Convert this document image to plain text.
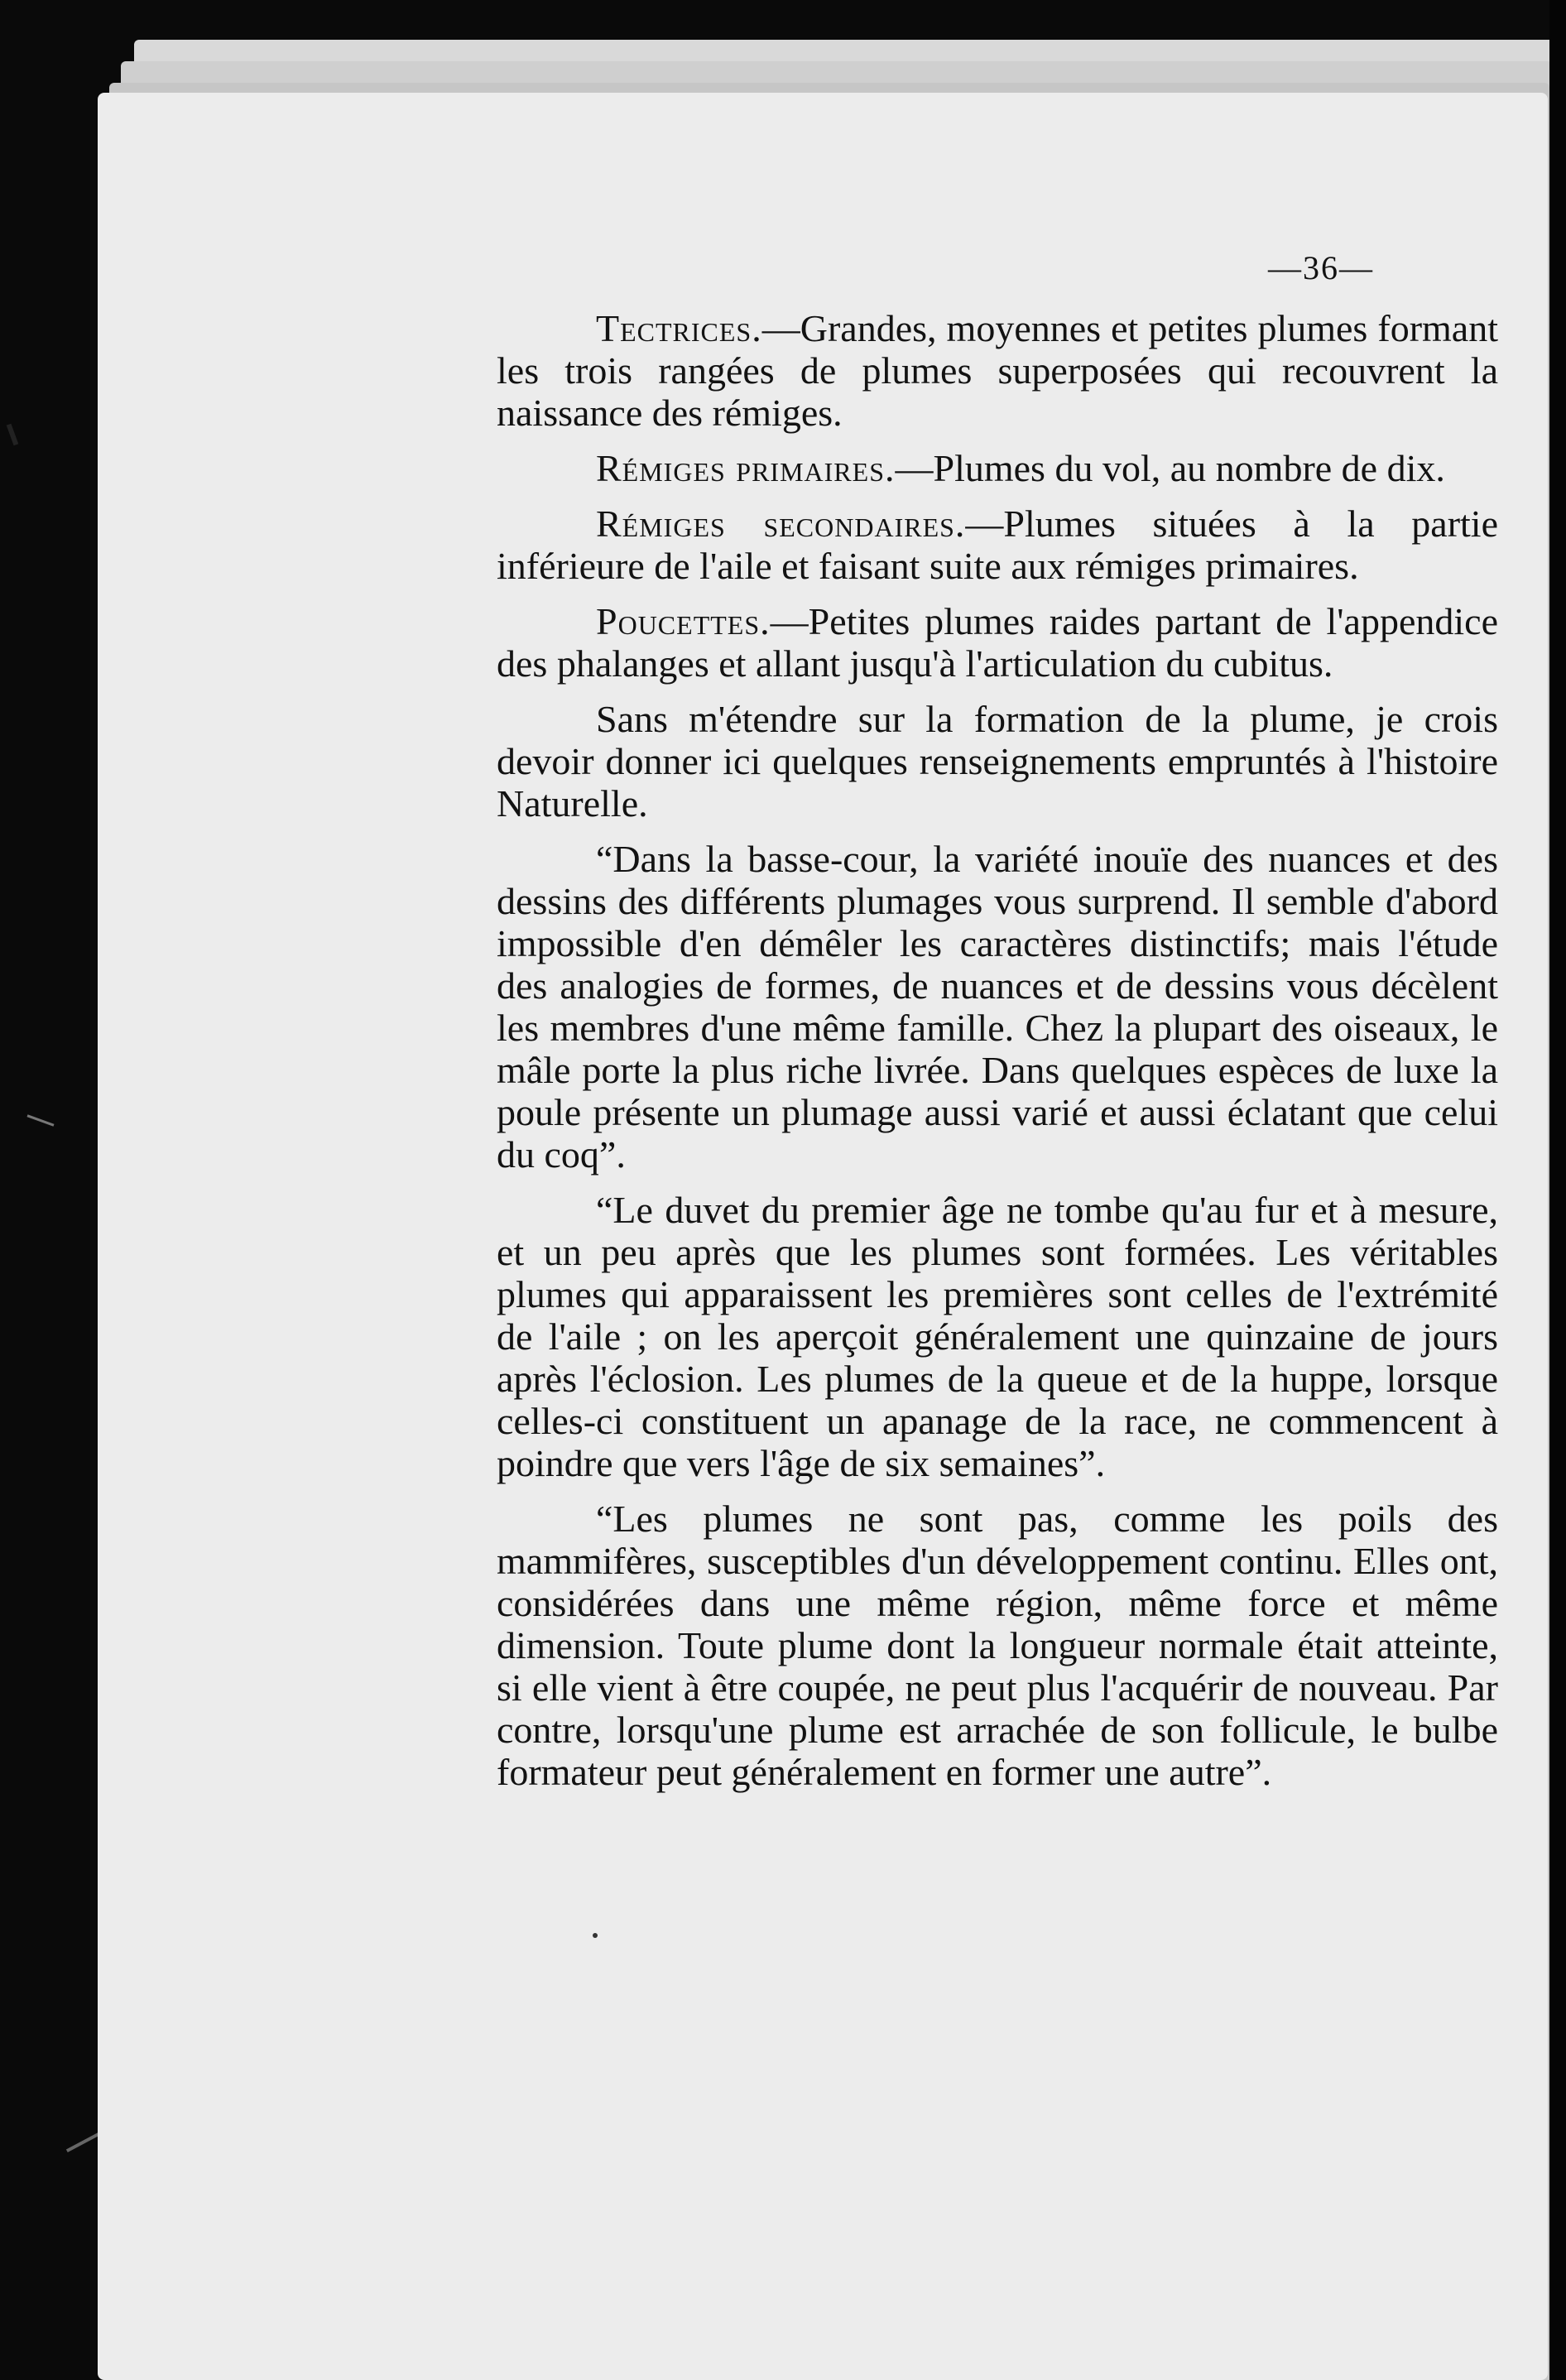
—36—

Tectrices.—Grandes, moyennes et petites plumes formant les trois rangées de plumes superposées qui recouvrent la naissance des rémiges.

Rémiges primaires.—Plumes du vol, au nombre de dix.

Rémiges secondaires.—Plumes situées à la partie inférieure de l'aile et faisant suite aux rémiges primaires.

Poucettes.—Petites plumes raides partant de l'appendice des phalanges et allant jusqu'à l'articulation du cubitus.

Sans m'étendre sur la formation de la plume, je crois devoir donner ici quelques renseignements empruntés à l'histoire Naturelle.

“Dans la basse-cour, la variété inouïe des nuances et des dessins des différents plumages vous surprend. Il semble d'abord impossible d'en démêler les caractères distinctifs; mais l'étude des analogies de formes, de nuances et de dessins vous décèlent les membres d'une même famille. Chez la plupart des oiseaux, le mâle porte la plus riche livrée. Dans quelques espèces de luxe la poule présente un plumage aussi varié et aussi éclatant que celui du coq”.

“Le duvet du premier âge ne tombe qu'au fur et à mesure, et un peu après que les plumes sont formées. Les véritables plumes qui apparaissent les premières sont celles de l'extrémité de l'aile ; on les aperçoit généralement une quinzaine de jours après l'éclosion. Les plumes de la queue et de la huppe, lorsque celles-ci constituent un apanage de la race, ne commencent à poindre que vers l'âge de six semaines”.

“Les plumes ne sont pas, comme les poils des mammifères, susceptibles d'un développement continu. Elles ont, considérées dans une même région, même force et même dimension. Toute plume dont la longueur normale était atteinte, si elle vient à être coupée, ne peut plus l'acquérir de nouveau. Par contre, lorsqu'une plume est arrachée de son follicule, le bulbe formateur peut généralement en former une autre”.
